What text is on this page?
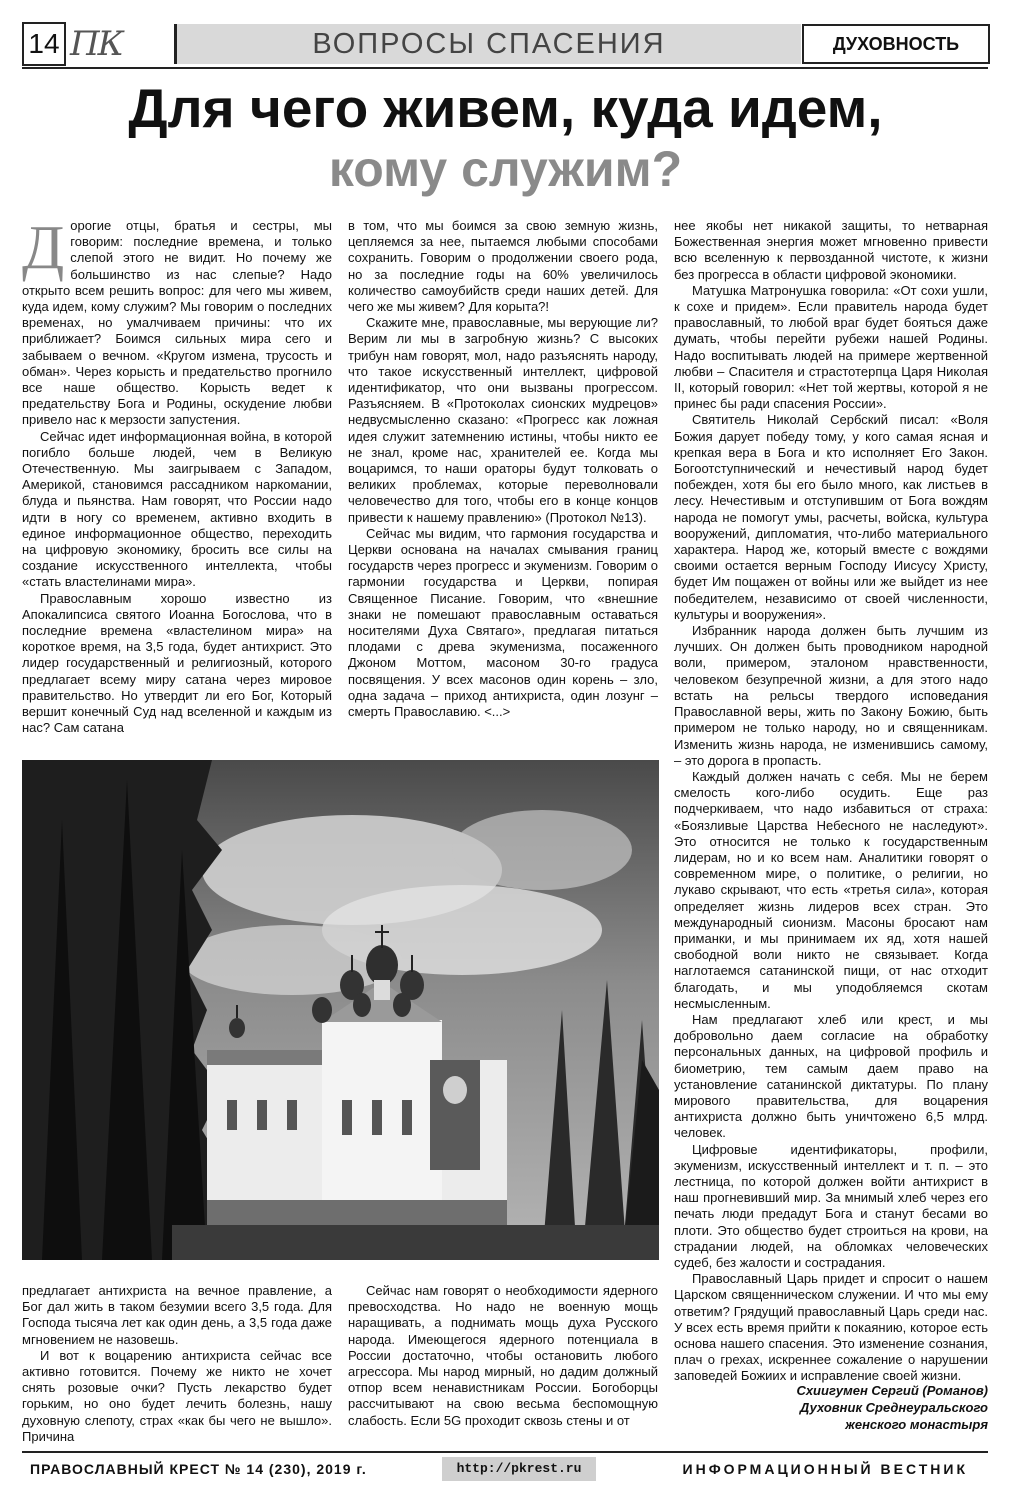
14 ПК	ВОПРОСЫ СПАСЕНИЯ	ДУХОВНОСТЬ
Для чего живем, куда идем,
кому служим?

Дорогие отцы, братья и сестры, мы говорим: последние времена, и только слепой этого не видит. Но почему же большинство из нас слепые? Надо открыто всем решить вопрос: для чего мы живем, куда идем, кому служим? Мы говорим о последних временах, но умалчиваем причины: что их приближает? Боимся сильных мира сего и забываем о вечном. «Кругом измена, трусость и обман». Через корысть и предательство прогнило все наше общество. Корысть ведет к предательству Бога и Родины, оскудение любви привело нас к мерзости запустения.

Сейчас идет информационная война, в которой погибло больше людей, чем в Великую Отечественную. Мы заигрываем с Западом, Америкой, становимся рассадником наркомании, блуда и пьянства. Нам говорят, что России надо идти в ногу со временем, активно входить в единое информационное общество, переходить на цифровую экономику, бросить все силы на создание искусственного интеллекта, чтобы «стать властелинами мира».

Православным хорошо известно из Апокалипсиса святого Иоанна Богослова, что в последние времена «властелином мира» на короткое время, на 3,5 года, будет антихрист. Это лидер государственный и религиозный, которого предлагает всему миру сатана через мировое правительство. Но утвердит ли его Бог, Который вершит конечный Суд над вселенной и каждым из нас? Сам сатана

в том, что мы боимся за свою земную жизнь, цепляемся за нее, пытаемся любыми способами сохранить. Говорим о продолжении своего рода, но за последние годы на 60% увеличилось количество самоубийств среди наших детей. Для чего же мы живем? Для корыта?!

Скажите мне, православные, мы верующие ли? Верим ли мы в загробную жизнь? С высоких трибун нам говорят, мол, надо разъяснять народу, что такое искусственный интеллект, цифровой идентификатор, что они вызваны прогрессом. Разъясняем. В «Протоколах сионских мудрецов» недвусмысленно сказано: «Прогресс как ложная идея служит затемнению истины, чтобы никто ее не знал, кроме нас, хранителей ее. Когда мы воцаримся, то наши ораторы будут толковать о великих проблемах, которые переволновали человечество для того, чтобы его в конце концов привести к нашему правлению» (Протокол №13).

Сейчас мы видим, что гармония государства и Церкви основана на началах смывания границ государств через прогресс и экуменизм. Говорим о гармонии государства и Церкви, попирая Священное Писание. Говорим, что «внешние знаки не помешают православным оставаться носителями Духа Святаго», предлагая питаться плодами с древа экуменизма, посаженного Джоном Моттом, масоном 30-го градуса посвящения. У всех масонов один корень – зло, одна задача – приход антихриста, один лозунг – смерть Православию. <...>

нее якобы нет никакой защиты, то нетварная Божественная энергия может мгновенно привести всю вселенную к первозданной чистоте, к жизни без прогресса в области цифровой экономики.

Матушка Матронушка говорила: «От сохи ушли, к сохе и придем». Если правитель народа будет православный, то любой враг будет бояться даже думать, чтобы перейти рубежи нашей Родины. Надо воспитывать людей на примере жертвенной любви – Спасителя и страстотерпца Царя Николая II, который говорил: «Нет той жертвы, которой я не принес бы ради спасения России».

Святитель Николай Сербский писал: «Воля Божия дарует победу тому, у кого самая ясная и крепкая вера в Бога и кто исполняет Его Закон. Богоотступнический и нечестивый народ будет побежден, хотя бы его было много, как листьев в лесу. Нечестивым и отступившим от Бога вождям народа не помогут умы, расчеты, войска, культура вооружений, дипломатия, что-либо материального характера. Народ же, который вместе с вождями своими остается верным Господу Иисусу Христу, будет Им пощажен от войны или же выйдет из нее победителем, независимо от своей численности, культуры и вооружения».

Избранник народа должен быть лучшим из лучших. Он должен быть проводником народной воли, примером, эталоном нравственности, человеком безупречной жизни, а для этого надо встать на рельсы твердого исповедания Православной веры, жить по Закону Божию, быть примером не только народу, но и священникам. Изменить жизнь народа, не изменившись самому, – это дорога в пропасть.

Каждый должен начать с себя. Мы не берем смелость кого-либо осудить. Еще раз подчеркиваем, что надо избавиться от страха: «Боязливые Царства Небесного не наследуют». Это относится не только к государственным лидерам, но и ко всем нам. Аналитики говорят о современном мире, о политике, о религии, но лукаво скрывают, что есть «третья сила», которая определяет жизнь лидеров всех стран. Это международный сионизм. Масоны бросают нам приманки, и мы принимаем их яд, хотя нашей свободной воли никто не связывает. Когда наглотаемся сатанинской пищи, от нас отходит благодать, и мы уподобляемся скотам несмысленным.

Нам предлагают хлеб или крест, и мы добровольно даем согласие на обработку персональных данных, на цифровой профиль и биометрию, тем самым даем право на установление сатанинской диктатуры. По плану мирового правительства, для воцарения антихриста должно быть уничтожено 6,5 млрд. человек.

Цифровые идентификаторы, профили, экуменизм, искусственный интеллект и т. п. – это лестница, по которой должен войти антихрист в наш прогневивший мир. За мнимый хлеб через его печать люди предадут Бога и станут бесами во плоти. Это общество будет строиться на крови, на страдании людей, на обломках человеческих судеб, без жалости и сострадания.

Православный Царь придет и спросит о нашем Царском священническом служении. И что мы ему ответим? Грядущий православный Царь среди нас. У всех есть время прийти к покаянию, которое есть основа нашего спасения. Это изменение сознания, плач о грехах, искреннее сожаление о нарушении заповедей Божиих и исправление своей жизни.

Схиигумен Сергий (Романов)
Духовник Среднеуральского
женского монастыря

предлагает антихриста на вечное правление, а Бог дал жить в таком безумии всего 3,5 года. Для Господа тысяча лет как один день, а 3,5 года даже мгновением не назовешь.

И вот к воцарению антихриста сейчас все активно готовится. Почему же никто не хочет снять розовые очки? Пусть лекарство будет горьким, но оно будет лечить болезнь, нашу духовную слепоту, страх «как бы чего не вышло». Причина

Сейчас нам говорят о необходимости ядерного превосходства. Но надо не военную мощь наращивать, а поднимать мощь духа Русского народа. Имеющегося ядерного потенциала в России достаточно, чтобы остановить любого агрессора. Мы народ мирный, но дадим должный отпор всем ненавистникам России. Богоборцы рассчитывают на свою весьма беспомощную слабость. Если 5G проходит сквозь стены и от

ПРАВОСЛАВНЫЙ КРЕСТ № 14 (230), 2019 г.	http://pkrest.ru	ИНФОРМАЦИОННЫЙ ВЕСТНИК
